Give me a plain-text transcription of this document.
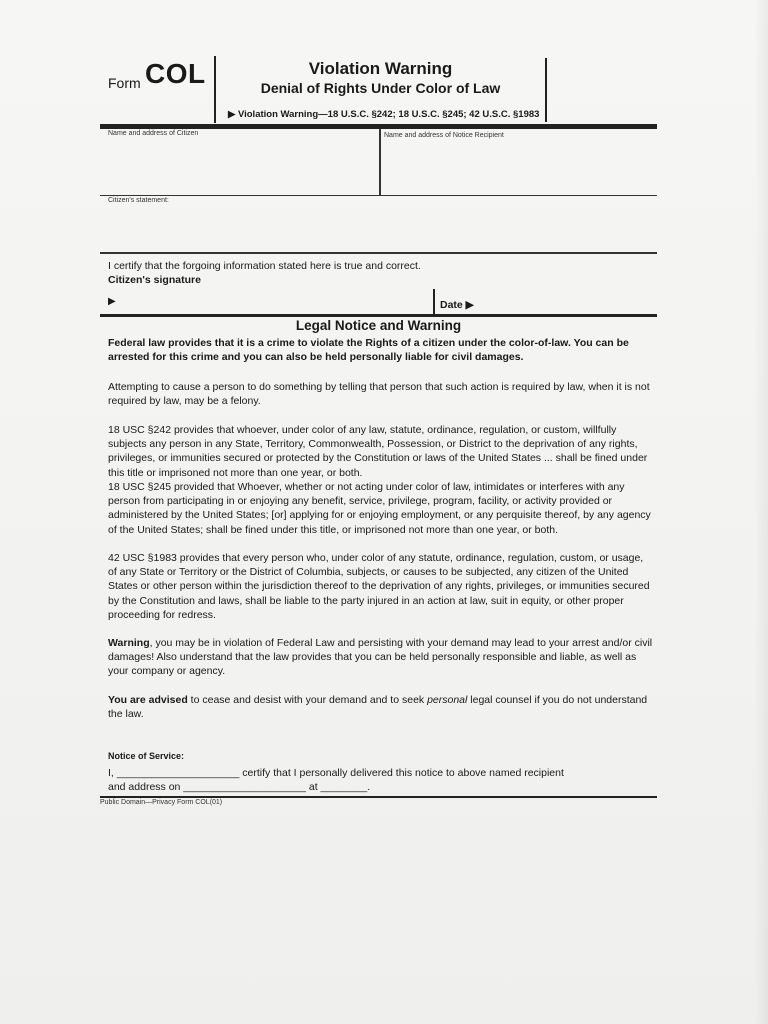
Form COL	Violation Warning
Denial of Rights Under Color of Law
▶ Violation Warning—18 U.S.C. §242; 18 U.S.C. §245; 42 U.S.C. §1983
Name and address of Citizen	Name and address of Notice Recipient
Citizen's statement:
I certify that the forgoing information stated here is true and correct.
Citizen's signature
▶	Date ▶
Legal Notice and Warning
Federal law provides that it is a crime to violate the Rights of a citizen under the color-of-law. You can be arrested for this crime and you can also be held personally liable for civil damages.
Attempting to cause a person to do something by telling that person that such action is required by law, when it is not required by law, may be a felony.
18 USC §242 provides that whoever, under color of any law, statute, ordinance, regulation, or custom, willfully subjects any person in any State, Territory, Commonwealth, Possession, or District to the deprivation of any rights, privileges, or immunities secured or protected by the Constitution or laws of the United States ... shall be fined under this title or imprisoned not more than one year, or both.
18 USC §245 provided that Whoever, whether or not acting under color of law, intimidates or interferes with any person from participating in or enjoying any benefit, service, privilege, program, facility, or activity provided or administered by the United States; [or] applying for or enjoying employment, or any perquisite thereof, by any agency of the United States; shall be fined under this title, or imprisoned not more than one year, or both.
42 USC §1983 provides that every person who, under color of any statute, ordinance, regulation, custom, or usage, of any State or Territory or the District of Columbia, subjects, or causes to be subjected, any citizen of the United States or other person within the jurisdiction thereof to the deprivation of any rights, privileges, or immunities secured by the Constitution and laws, shall be liable to the party injured in an action at law, suit in equity, or other proper proceeding for redress.
Warning, you may be in violation of Federal Law and persisting with your demand may lead to your arrest and/or civil damages! Also understand that the law provides that you can be held personally responsible and liable, as well as your company or agency.
You are advised to cease and desist with your demand and to seek personal legal counsel if you do not understand the law.
Notice of Service:
I, _____________________ certify that I personally delivered this notice to above named recipient
and address on _____________________ at ________.
Public Domain—Privacy Form COL(01)
